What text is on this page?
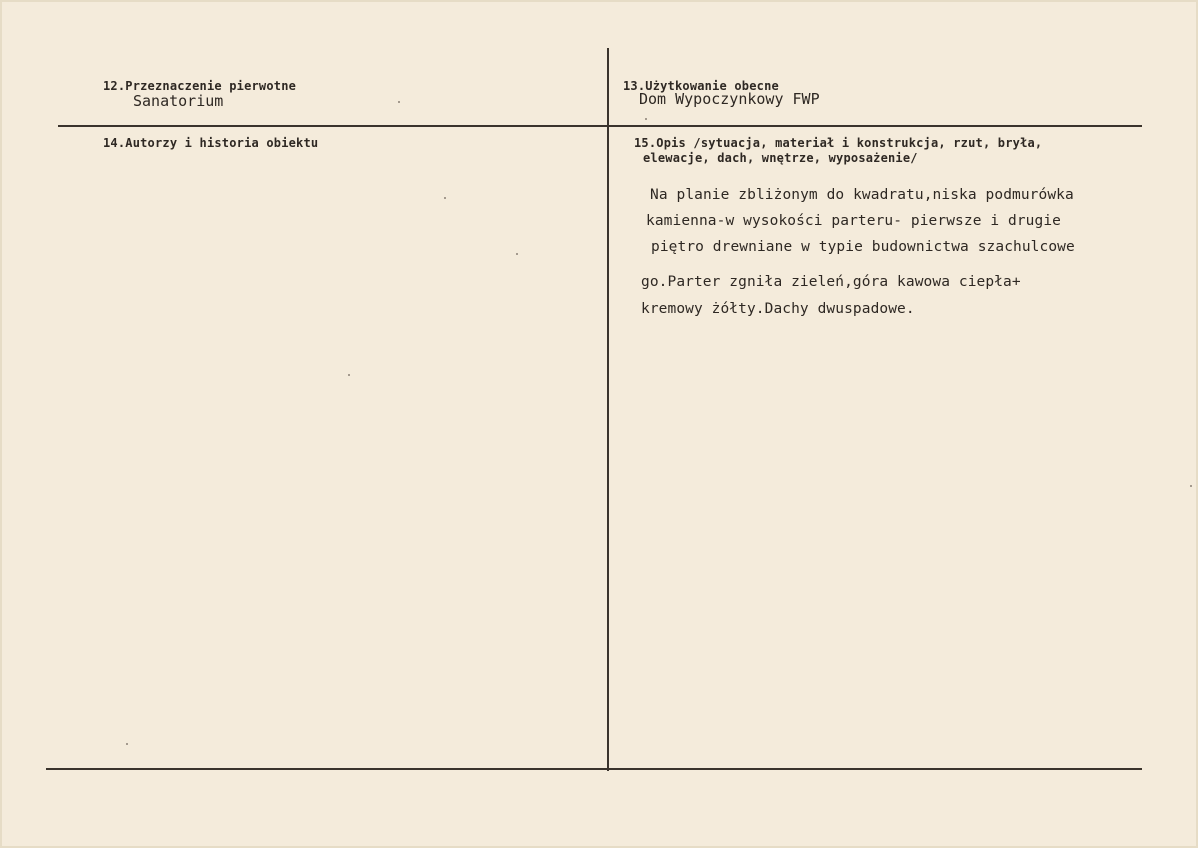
12.Przeznaczenie pierwotne
Sanatorium
13.Użytkowanie obecne
Dom Wypoczynkowy FWP
14.Autorzy i historia obiektu	15.Opis /sytuacja, materiał i konstrukcja, rzut, bryła,
elewacje, dach, wnętrze, wyposażenie/
Na planie zbliżonym do kwadratu,niska podmurówka
kamienna-w wysokości parteru- pierwsze i drugie
piętro drewniane w typie budownictwa szachulcowe
go.Parter zgniła zieleń,góra kawowa ciepła+
kremowy żółty.Dachy dwuspadowe.
